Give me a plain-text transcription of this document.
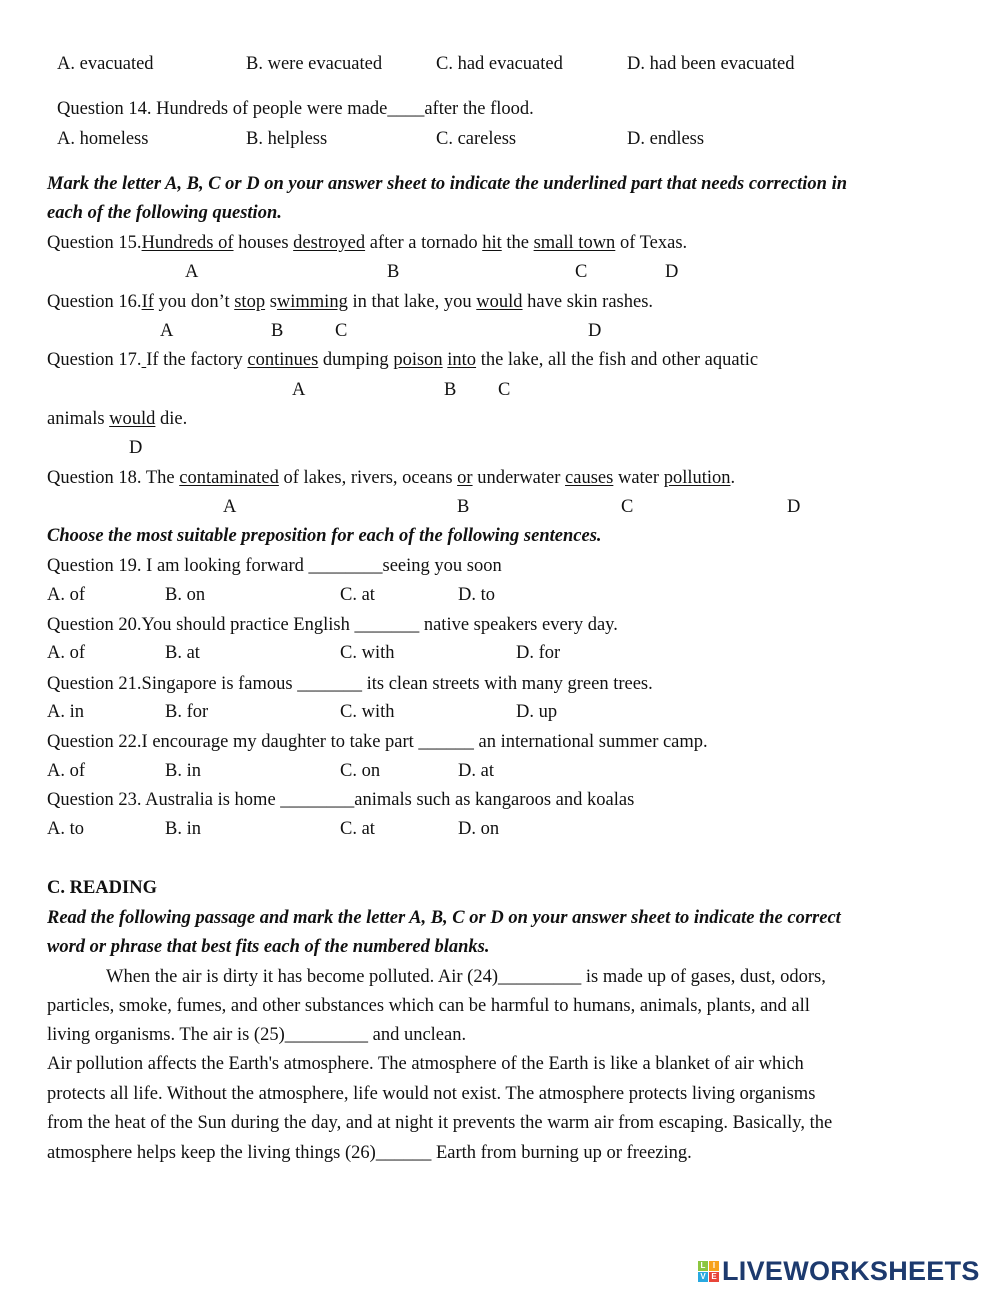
A. evacuated	B. were evacuated	C. had evacuated	D. had been evacuated
Question 14. Hundreds of people were made____after the flood.
A. homeless	B. helpless	C. careless	D. endless
Mark the letter A, B, C or D on your answer sheet to indicate the underlined part that needs correction in
each of the following question.
Question 15.Hundreds of houses destroyed after a tornado hit the small town of Texas.
A	B	C	D
Question 16.If you don’t stop swimming in that lake, you would have skin rashes.
A	B	C	D
Question 17. If the factory continues dumping poison into the lake, all the fish and other aquatic
A	B C
animals would die.
D
Question 18. The contaminated of lakes, rivers, oceans or underwater causes water pollution.
A	B	C	D
Choose the most suitable preposition for each of the following sentences.
Question 19. I am looking forward ________seeing you soon
A. of	B. on	C. at	D. to
Question 20.You should practice English _______ native speakers every day.
A. of	B. at	C. with	D. for
Question 21.Singapore is famous _______ its clean streets with many green trees.
A. in	B. for	C. with	D. up
Question 22.I encourage my daughter to take part ______ an international summer camp.
A. of	B. in	C. on	D. at
Question 23. Australia is home ________animals such as kangaroos and koalas
A. to	B. in	C. at	D. on
C. READING
Read the following passage and mark the letter A, B, C or D on your answer sheet to indicate the correct
word or phrase that best fits each of the numbered blanks.
When the air is dirty it has become polluted. Air (24)_________ is made up of gases, dust, odors,
particles, smoke, fumes, and other substances which can be harmful to humans, animals, plants, and all
living organisms. The air is (25)_________ and unclean.
Air pollution affects the Earth's atmosphere. The atmosphere of the Earth is like a blanket of air which
protects all life. Without the atmosphere, life would not exist. The atmosphere protects living organisms
from the heat of the Sun during the day, and at night it prevents the warm air from escaping. Basically, the
atmosphere helps keep the living things (26)______ Earth from burning up or freezing.
L I
V E LIVEWORKSHEETS
